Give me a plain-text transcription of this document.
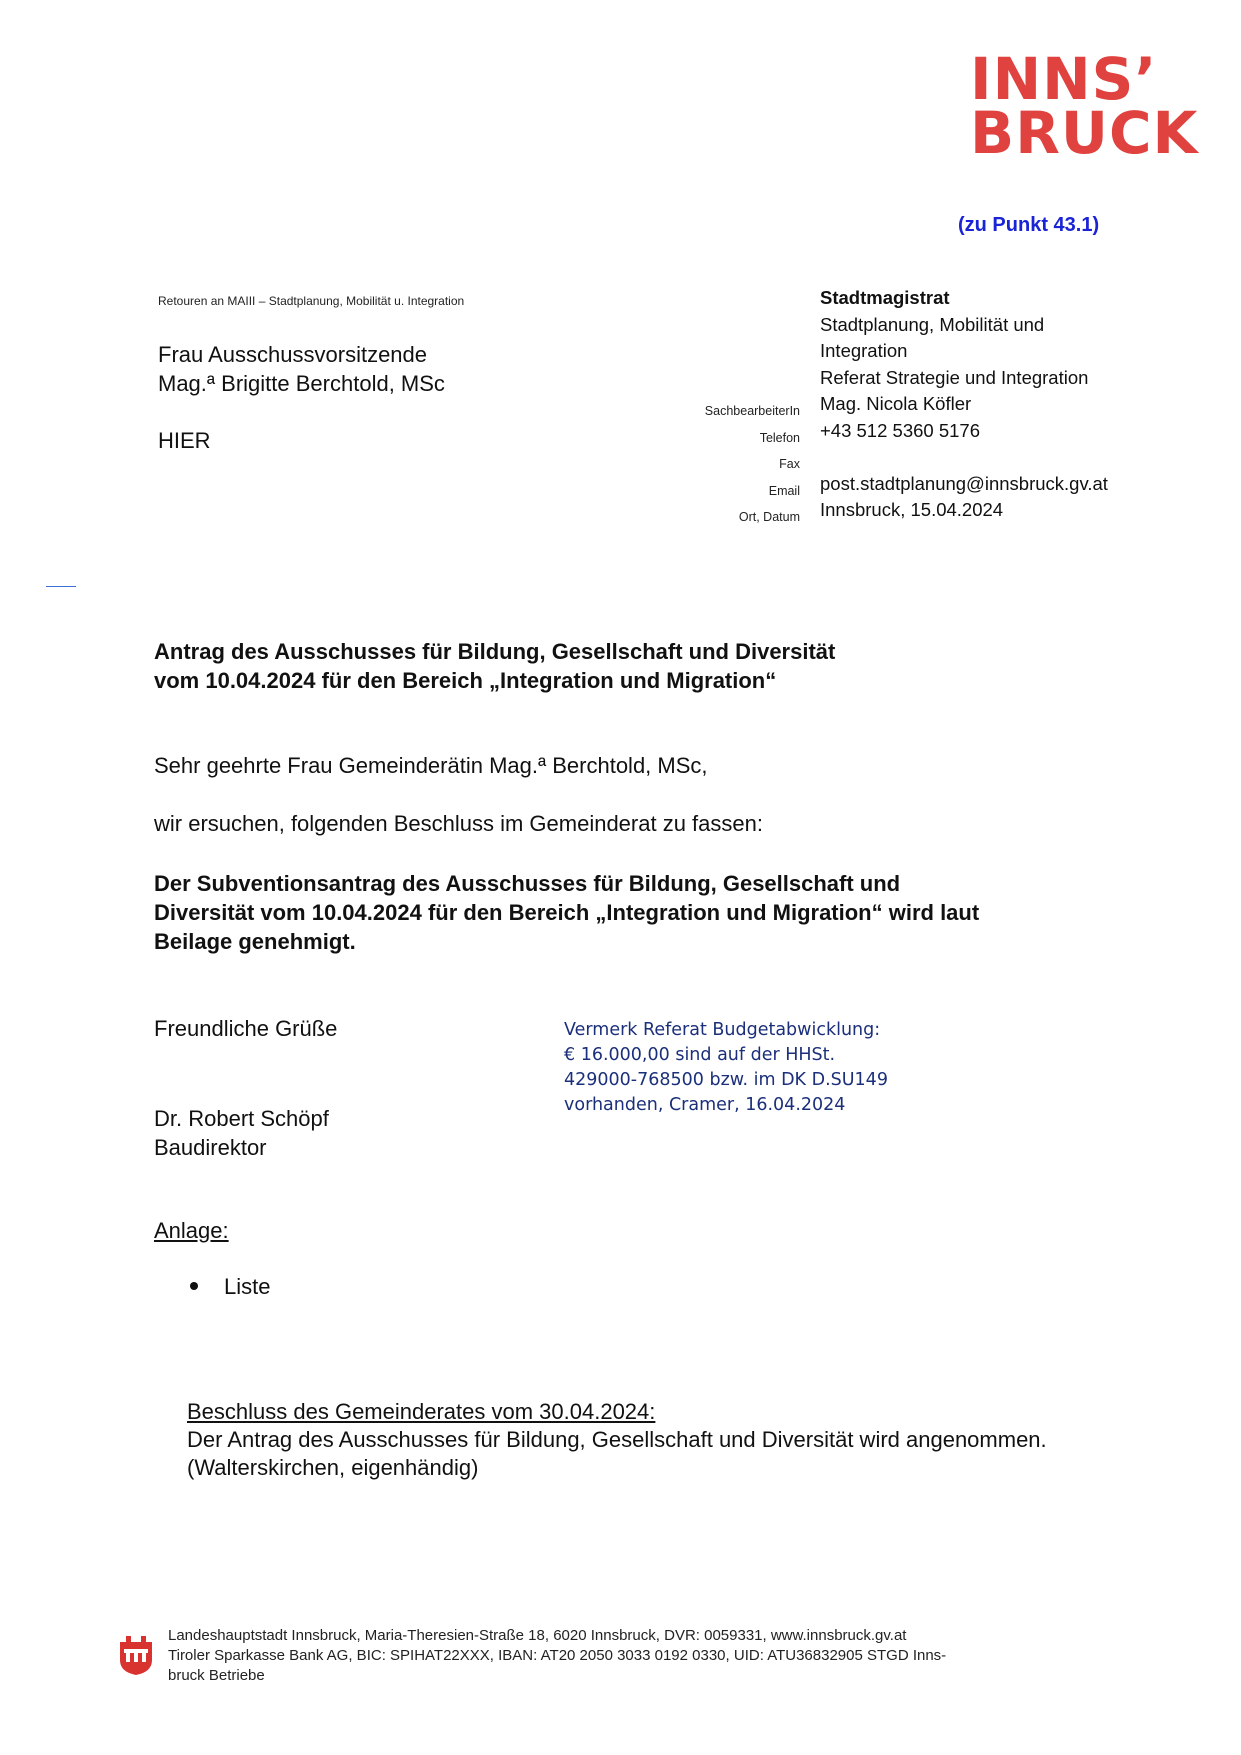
INNS’
BRUCK
(zu Punkt 43.1)
Retouren an MAIII – Stadtplanung, Mobilität u. Integration
Frau Ausschussvorsitzende
Mag.ª Brigitte Berchtold, MSc
HIER
SachbearbeiterIn
Telefon
Fax
Email
Ort, Datum
Stadtmagistrat
Stadtplanung, Mobilität und
Integration
Referat Strategie und Integration
Mag. Nicola Köfler
+43 512 5360 5176
post.stadtplanung@innsbruck.gv.at
Innsbruck, 15.04.2024
Antrag des Ausschusses für Bildung, Gesellschaft und Diversität
vom 10.04.2024 für den Bereich „Integration und Migration“
Sehr geehrte Frau Gemeinderätin Mag.ª Berchtold, MSc,
wir ersuchen, folgenden Beschluss im Gemeinderat zu fassen:
Der Subventionsantrag des Ausschusses für Bildung, Gesellschaft und
Diversität vom 10.04.2024 für den Bereich „Integration und Migration“ wird laut
Beilage genehmigt.
Freundliche Grüße
Dr. Robert Schöpf
Baudirektor
Vermerk Referat Budgetabwicklung:
€ 16.000,00 sind auf der HHSt.
429000-768500 bzw. im DK D.SU149
vorhanden, Cramer, 16.04.2024
Anlage:
Liste
Beschluss des Gemeinderates vom 30.04.2024:
Der Antrag des Ausschusses für Bildung, Gesellschaft und Diversität wird angenommen.
(Walterskirchen, eigenhändig)
Landeshauptstadt Innsbruck, Maria-Theresien-Straße 18, 6020 Innsbruck, DVR: 0059331, www.innsbruck.gv.at
Tiroler Sparkasse Bank AG, BIC: SPIHAT22XXX, IBAN: AT20 2050 3033 0192 0330, UID: ATU36832905 STGD Inns-
bruck Betriebe
